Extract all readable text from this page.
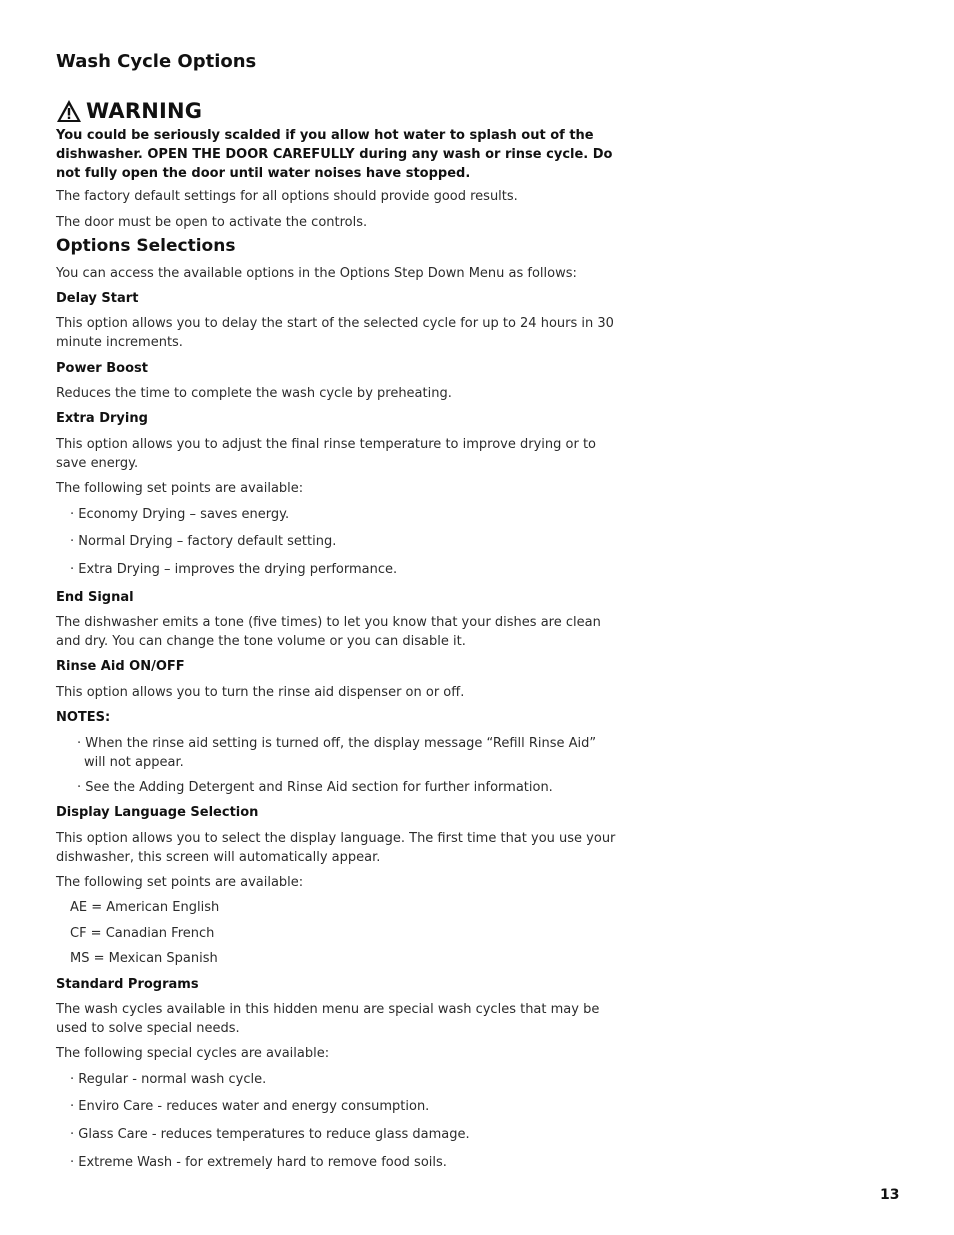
Wash Cycle Options
WARNING

You could be seriously scalded if you allow hot water to splash out of the dishwasher. OPEN THE DOOR CAREFULLY during any wash or rinse cycle. Do not fully open the door until water noises have stopped.

The factory default settings for all options should provide good results.

The door must be open to activate the controls.

Options Selections

You can access the available options in the Options Step Down Menu as follows:

Delay Start

This option allows you to delay the start of the selected cycle for up to 24 hours in 30 minute increments.

Power Boost

Reduces the time to complete the wash cycle by preheating.

Extra Drying

This option allows you to adjust the final rinse temperature to improve drying or to save energy.

The following set points are available:

· Economy Drying – saves energy.

· Normal Drying – factory default setting.

· Extra Drying – improves the drying performance.

End Signal

The dishwasher emits a tone (five times) to let you know that your dishes are clean and dry. You can change the tone volume or you can disable it.

Rinse Aid ON/OFF

This option allows you to turn the rinse aid dispenser on or off.

NOTES:

· When the rinse aid setting is turned off, the display message “Refill Rinse Aid” will not appear.

· See the Adding Detergent and Rinse Aid section for further information.

Display Language Selection

This option allows you to select the display language. The first time that you use your dishwasher, this screen will automatically appear.

The following set points are available:

AE = American English

CF = Canadian French

MS = Mexican Spanish

Standard Programs

The wash cycles available in this hidden menu are special wash cycles that may be used to solve special needs.

The following special cycles are available:

· Regular - normal wash cycle.

· Enviro Care - reduces water and energy consumption.

· Glass Care - reduces temperatures to reduce glass damage.

· Extreme Wash - for extremely hard to remove food soils.

13
